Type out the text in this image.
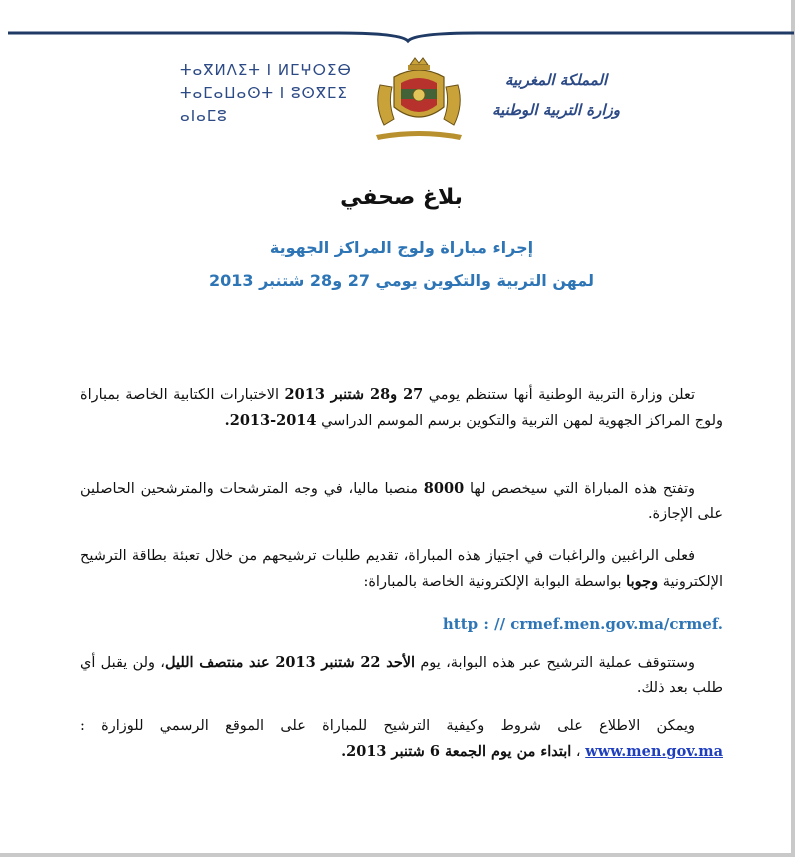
ⵜⴰⴳⵍⴷⵉⵜ ⵏ ⵍⵎⵖⵔⵉⴱ
ⵜⴰⵎⴰⵡⴰⵙⵜ ⵏ ⵓⵙⴳⵎⵉ
ⴰⵏⴰⵎⵓ
المملكة المغربية
وزارة التربية الوطنية
بلاغ صحفي
إجراء مباراة ولوج المراكز الجهوية
لمهن التربية والتكوين يومي 27 و28 شتنبر 2013
تعلن وزارة التربية الوطنية أنها ستنظم يومي 27 و28 شتنبر 2013 الاختبارات الكتابية الخاصة بمباراة ولوج المراكز الجهوية لمهن التربية والتكوين برسم الموسم الدراسي 2014-2013.
وتفتح هذه المباراة التي سيخصص لها 8000 منصبا ماليا، في وجه المترشحات والمترشحين الحاصلين على الإجازة.
فعلى الراغبين والراغبات في اجتياز هذه المباراة، تقديم طلبات ترشيحهم من خلال تعبئة بطاقة الترشيح الإلكترونية وجوبا بواسطة البوابة الإلكترونية الخاصة بالمباراة:
http : // crmef.men.gov.ma/crmef.
وستتوقف عملية الترشيح عبر هذه البوابة، يوم الأحد 22 شتنبر 2013 عند منتصف الليل، ولن يقبل أي طلب بعد ذلك.
ويمكن الاطلاع على شروط وكيفية الترشيح للمباراة على الموقع الرسمي للوزارة : www.men.gov.ma ، ابتداء من يوم الجمعة 6 شتنبر 2013.
